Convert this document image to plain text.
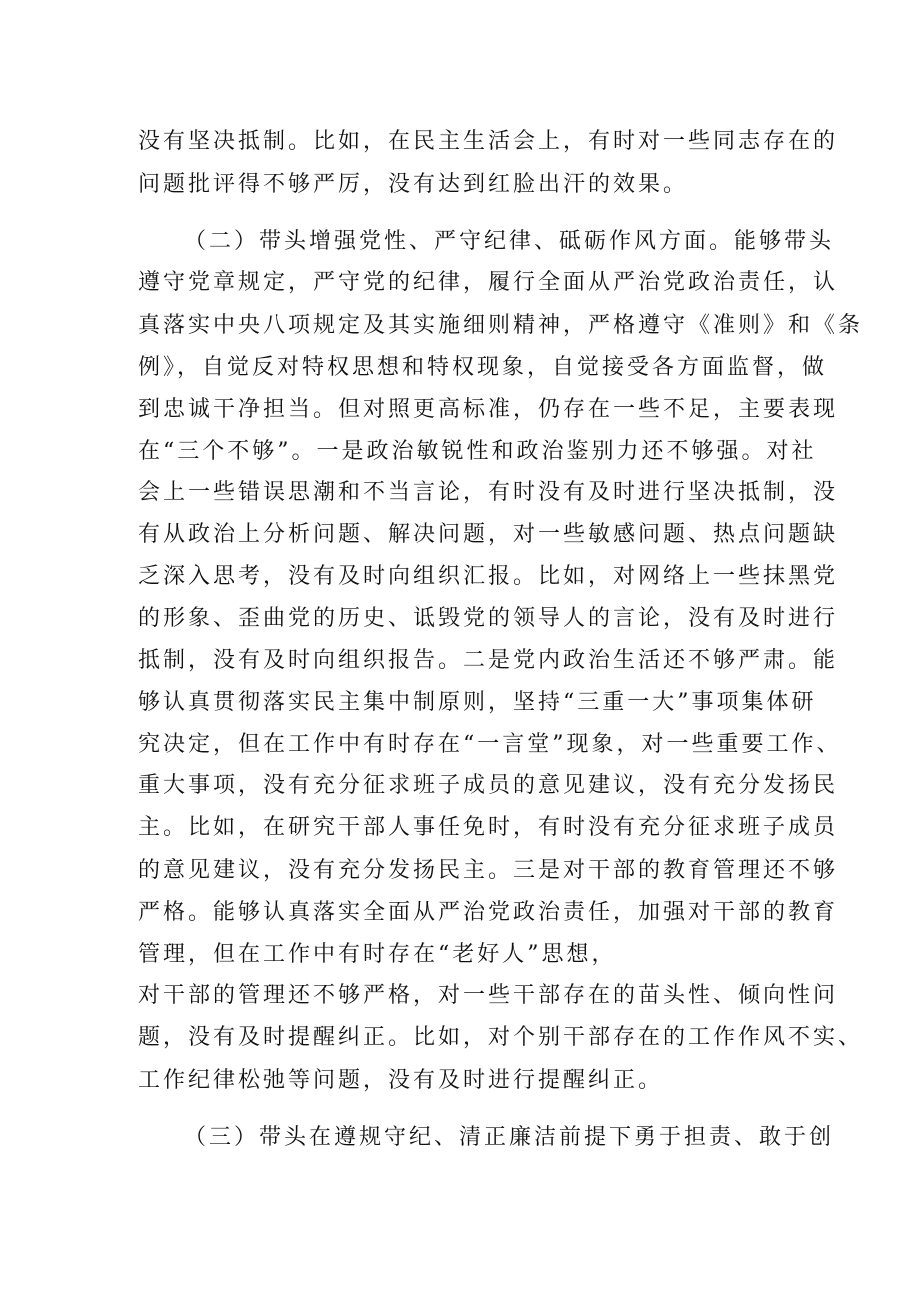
没有坚决抵制。比如，在民主生活会上，有时对一些同志存在的
问题批评得不够严厉，没有达到红脸出汗的效果。
（二）带头增强党性、严守纪律、砥砺作风方面。能够带头
遵守党章规定，严守党的纪律，履行全面从严治党政治责任，认
真落实中央八项规定及其实施细则精神，严格遵守《准则》和《条
例》，自觉反对特权思想和特权现象，自觉接受各方面监督，做
到忠诚干净担当。但对照更高标准，仍存在一些不足，主要表现
在“三个不够”。一是政治敏锐性和政治鉴别力还不够强。对社
会上一些错误思潮和不当言论，有时没有及时进行坚决抵制，没
有从政治上分析问题、解决问题，对一些敏感问题、热点问题缺
乏深入思考，没有及时向组织汇报。比如，对网络上一些抹黑党
的形象、歪曲党的历史、诋毁党的领导人的言论，没有及时进行
抵制，没有及时向组织报告。二是党内政治生活还不够严肃。能
够认真贯彻落实民主集中制原则，坚持“三重一大”事项集体研
究决定，但在工作中有时存在“一言堂”现象，对一些重要工作、
重大事项，没有充分征求班子成员的意见建议，没有充分发扬民
主。比如，在研究干部人事任免时，有时没有充分征求班子成员
的意见建议，没有充分发扬民主。三是对干部的教育管理还不够
严格。能够认真落实全面从严治党政治责任，加强对干部的教育
管理，但在工作中有时存在“老好人”思想，
对干部的管理还不够严格，对一些干部存在的苗头性、倾向性问
题，没有及时提醒纠正。比如，对个别干部存在的工作作风不实、
工作纪律松弛等问题，没有及时进行提醒纠正。
（三）带头在遵规守纪、清正廉洁前提下勇于担责、敢于创
